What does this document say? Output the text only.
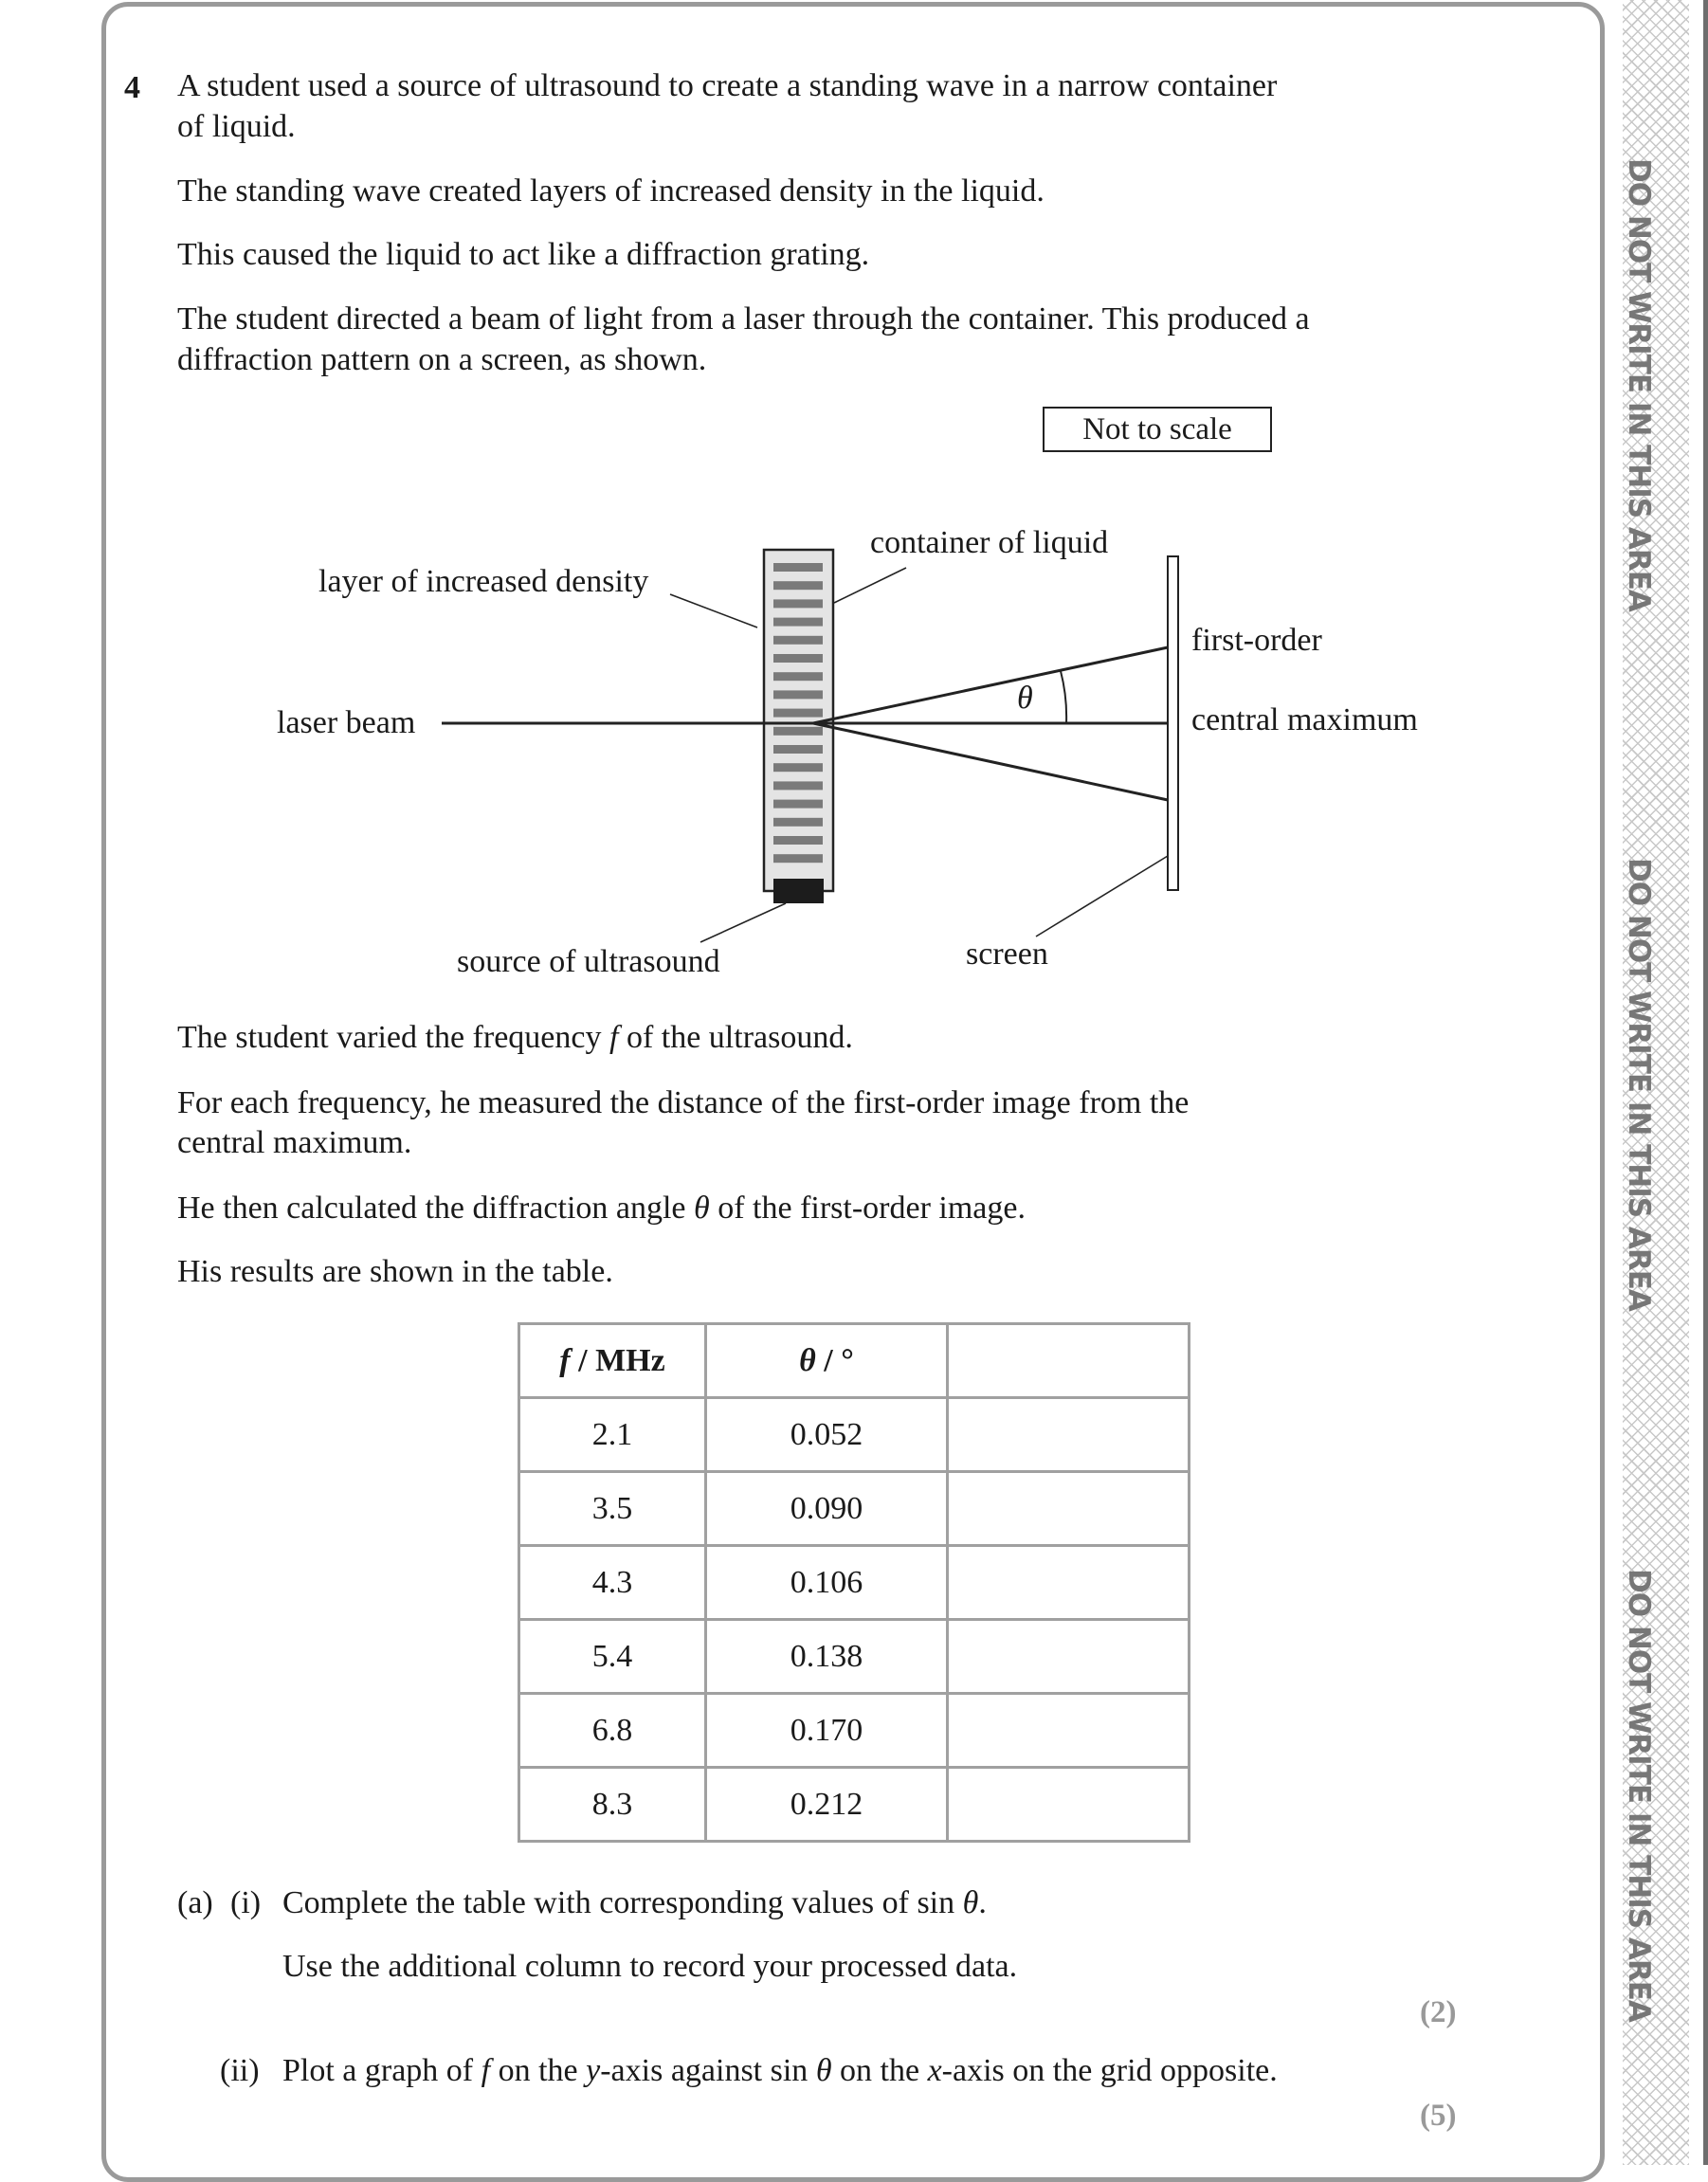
DO NOT WRITE IN THIS AREA
DO NOT WRITE IN THIS AREA
DO NOT WRITE IN THIS AREA
4 A student used a source of ultrasound to create a standing wave in a narrow container
of liquid.
The standing wave created layers of increased density in the liquid.
This caused the liquid to act like a diffraction grating.
The student directed a beam of light from a laser through the container. This produced a
diffraction pattern on a screen, as shown.
Not to scale
layer of increased density
container of liquid
laser beam
first-order
central maximum
θ
source of ultrasound	screen
The student varied the frequency f of the ultrasound.
For each frequency, he measured the distance of the first-order image from the
central maximum.
He then calculated the diffraction angle θ of the first-order image.
His results are shown in the table.
f / MHz	θ / °	
2.1	0.052	
3.5	0.090	
4.3	0.106	
5.4	0.138	
6.8	0.170	
8.3	0.212	
(a) (i) Complete the table with corresponding values of sin θ.
Use the additional column to record your processed data.
(2)
(ii) Plot a graph of f on the y-axis against sin θ on the x-axis on the grid opposite.
(5)
